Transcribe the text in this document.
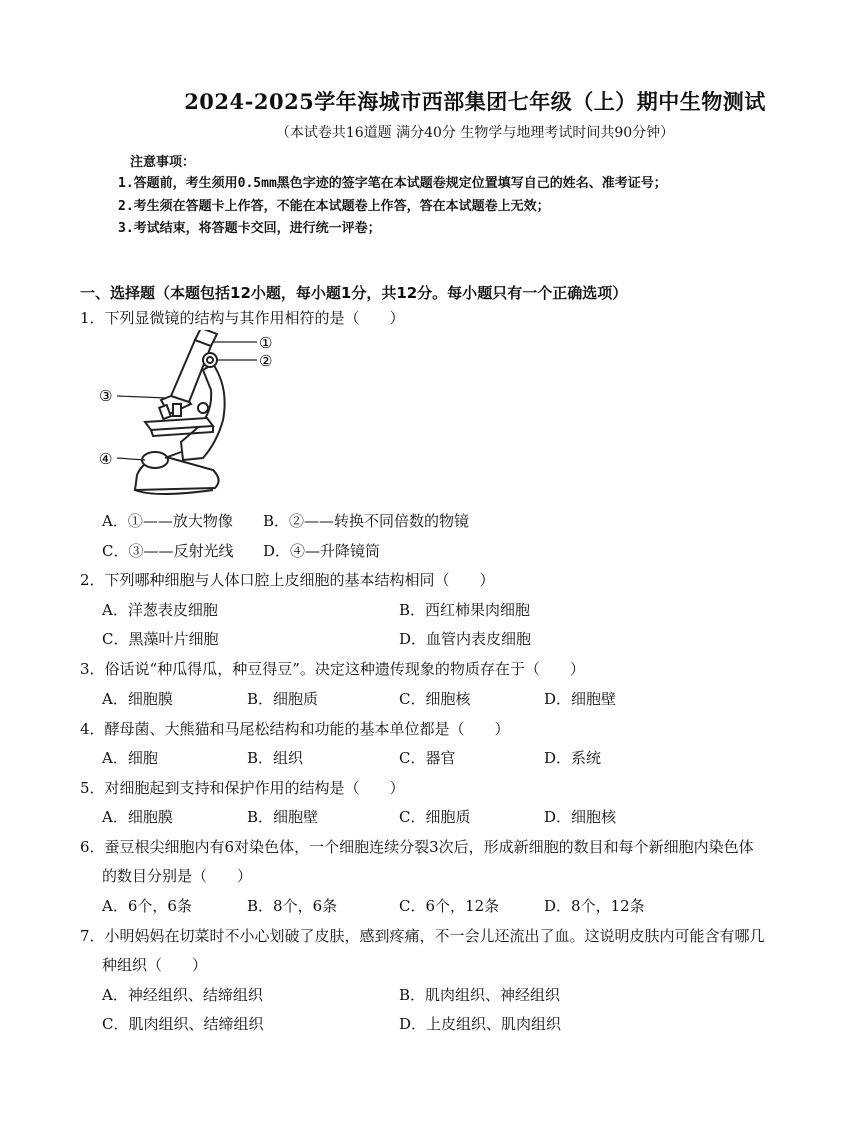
2024-2025学年海城市西部集团七年级（上）期中生物测试
（本试卷共16道题 满分40分 生物学与地理考试时间共90分钟）
注意事项：
1.答题前，考生须用0.5mm黑色字迹的签字笔在本试题卷规定位置填写自己的姓名、准考证号；
2.考生须在答题卡上作答，不能在本试题卷上作答，答在本试题卷上无效；
3.考试结束，将答题卡交回，进行统一评卷；
一、选择题（本题包括12小题，每小题1分，共12分。每小题只有一个正确选项）
1．下列显微镜的结构与其作用相符的是（　　）
①
②
③
④
A．①——放大物像 B．②——转换不同倍数的物镜
C．③——反射光线 D．④—升降镜筒
2．下列哪种细胞与人体口腔上皮细胞的基本结构相同（　　）
A．洋葱表皮细胞	B．西红柿果肉细胞
C．黑藻叶片细胞	D．血管内表皮细胞
3．俗话说“种瓜得瓜，种豆得豆”。决定这种遗传现象的物质存在于（　　）
A．细胞膜	B．细胞质	C．细胞核	D．细胞壁
4．酵母菌、大熊猫和马尾松结构和功能的基本单位都是（　　）
A．细胞	B．组织	C．器官	D．系统
5．对细胞起到支持和保护作用的结构是（　　）
A．细胞膜	B．细胞壁	C．细胞质	D．细胞核
6．蚕豆根尖细胞内有6对染色体，一个细胞连续分裂3次后，形成新细胞的数目和每个新细胞内染色体
的数目分别是（　　）
A．6个，6条	B．8个，6条	C．6个，12条	D．8个，12条
7．小明妈妈在切菜时不小心划破了皮肤，感到疼痛，不一会儿还流出了血。这说明皮肤内可能含有哪几
种组织（　　）
A．神经组织、结缔组织	B．肌肉组织、神经组织
C．肌肉组织、结缔组织	D．上皮组织、肌肉组织
